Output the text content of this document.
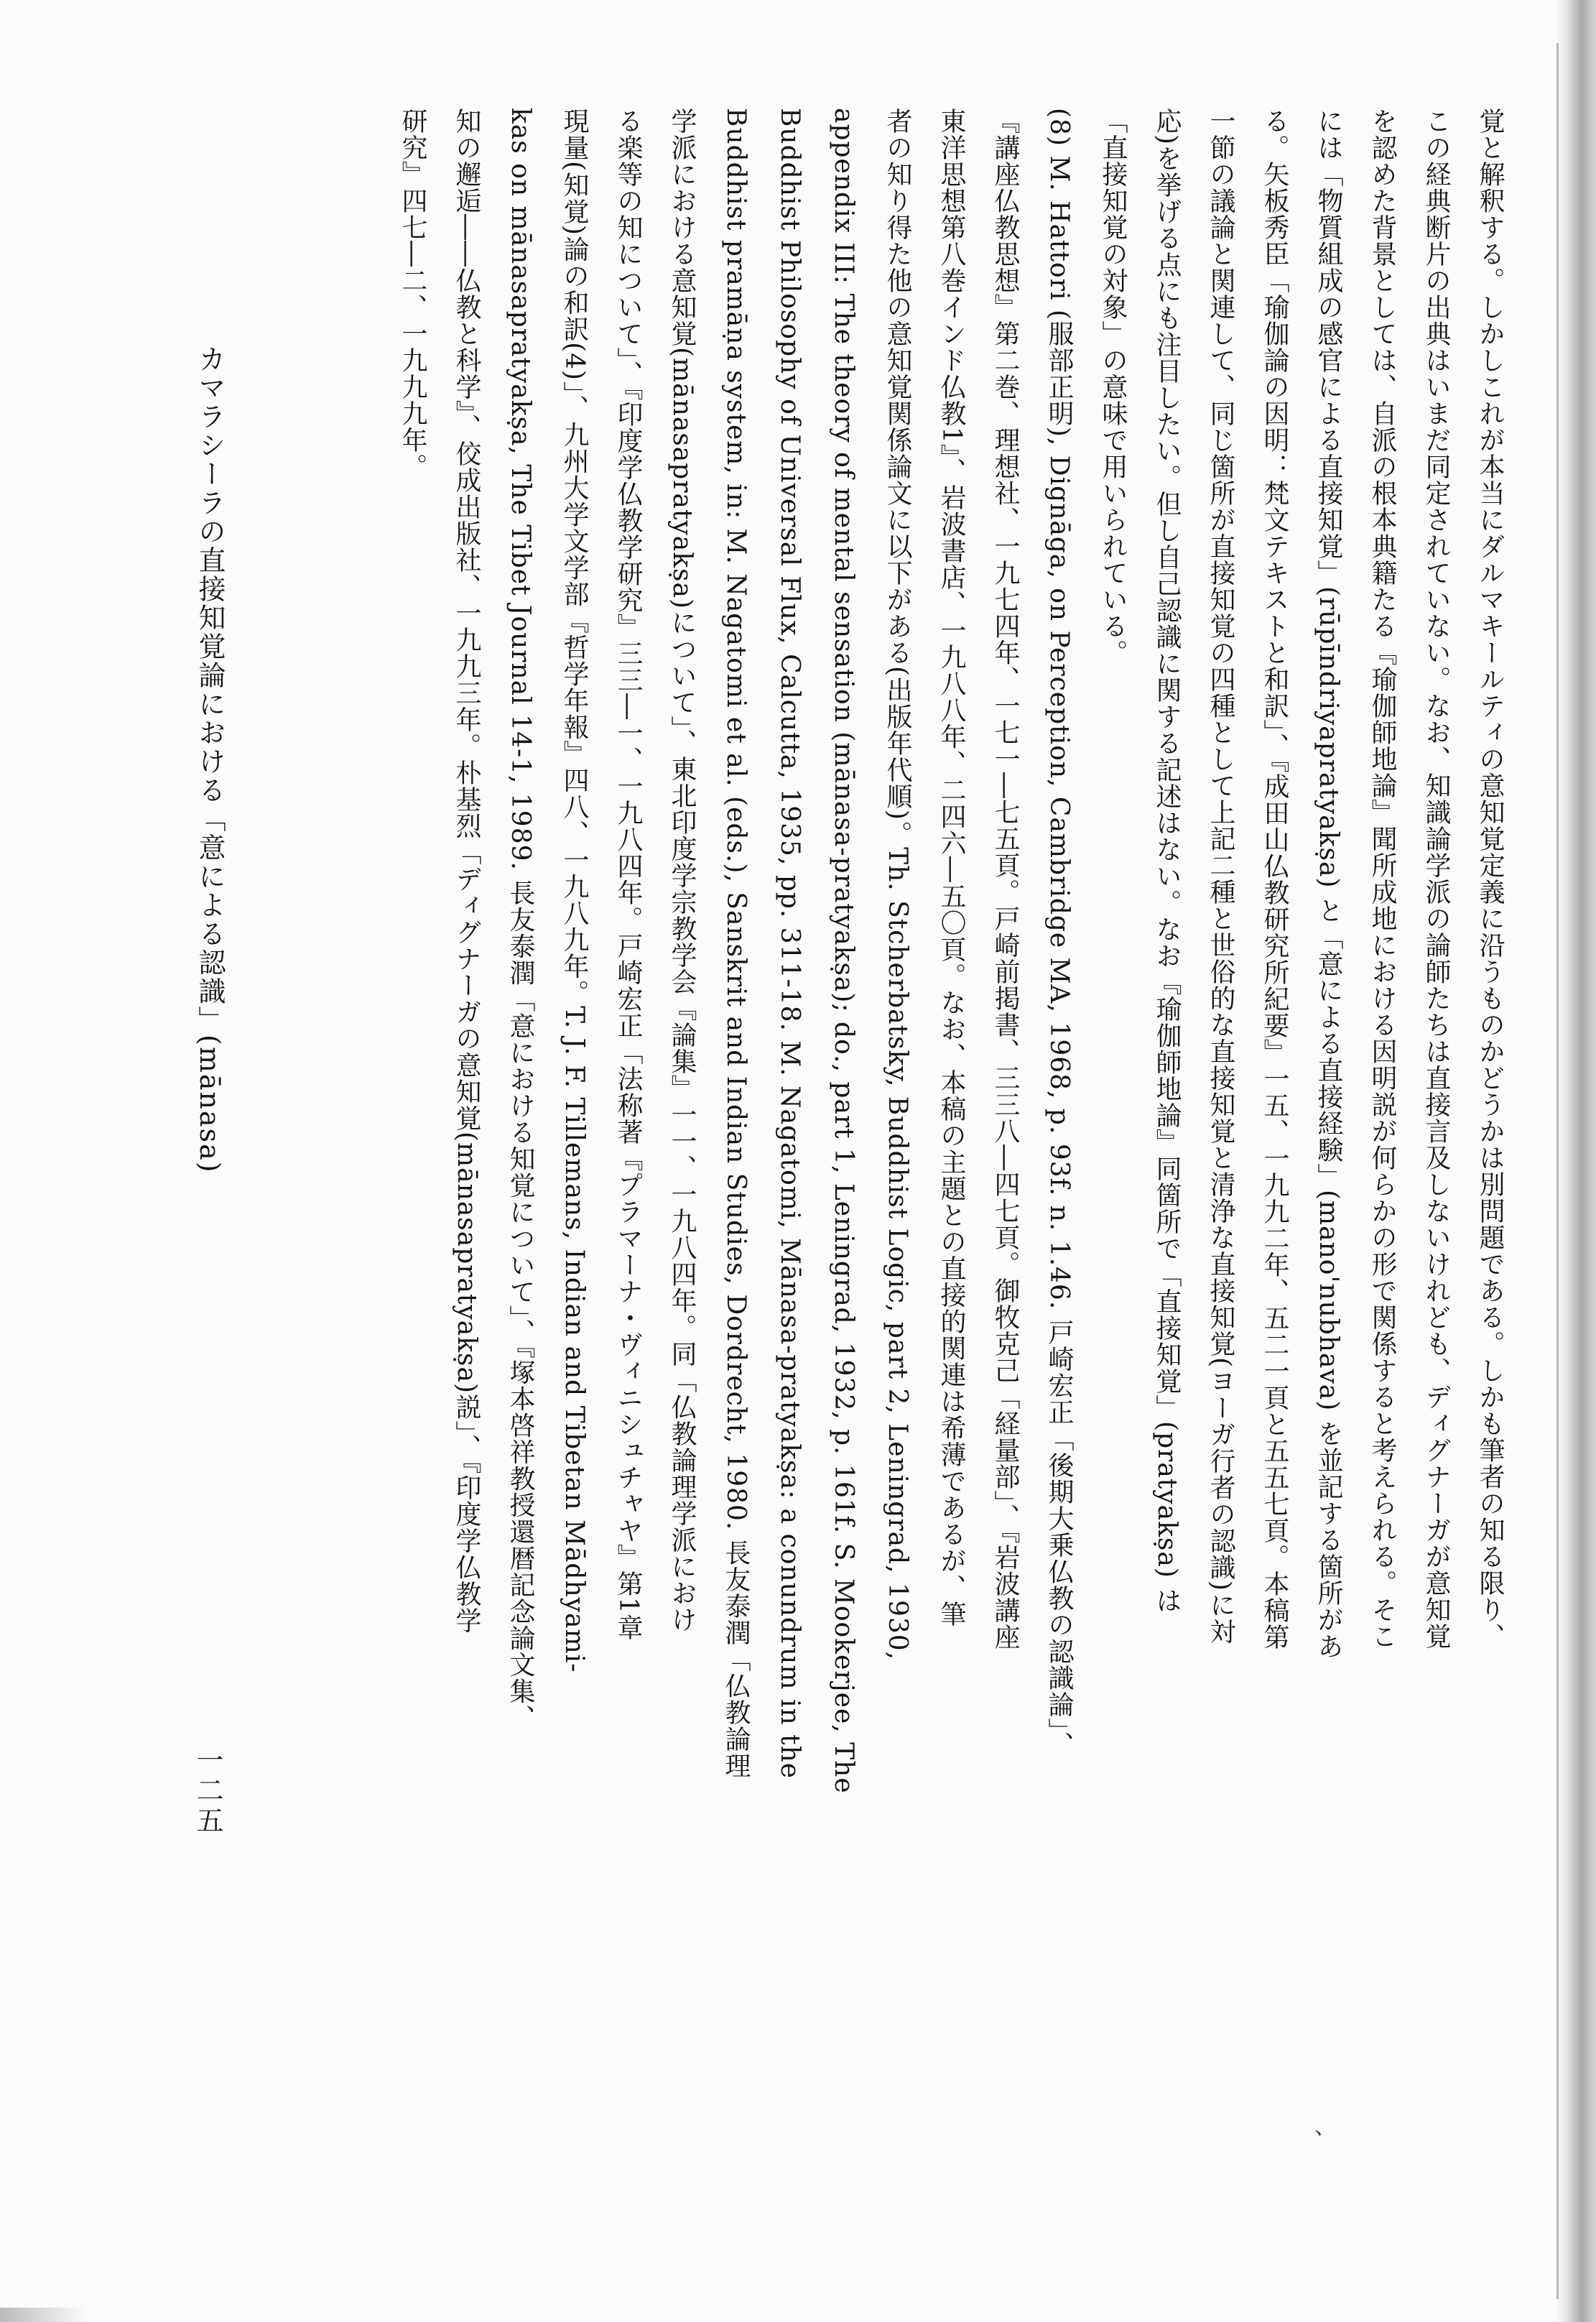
覚と解釈する。しかしこれが本当にダルマキールティの意知覚定義に沿うものかどうかは別問題である。しかも筆者の知る限り、
この経典断片の出典はいまだ同定されていない。なお、知識論学派の論師たちは直接言及しないけれども、ディグナーガが意知覚
を認めた背景としては、自派の根本典籍たる『瑜伽師地論』聞所成地における因明説が何らかの形で関係すると考えられる。そこ
には「物質組成の感官による直接知覚」(rūpīndriyapratyakṣa) と「意による直接経験」(mano'nubhava) を並記する箇所があ
る。矢板秀臣「瑜伽論の因明：梵文テキストと和訳」、『成田山仏教研究所紀要』一五、一九九二年、五二一頁と五五七頁。本稿第
一節の議論と関連して、同じ箇所が直接知覚の四種として上記二種と世俗的な直接知覚と清浄な直接知覚(ヨーガ行者の認識)に対
応)を挙げる点にも注目したい。但し自己認識に関する記述はない。なお『瑜伽師地論』同箇所で「直接知覚」(pratyakṣa) は
「直接知覚の対象」の意味で用いられている。
(8) M. Hattori (服部正明), Dignāga, on Perception, Cambridge MA, 1968, p. 93f. n. 1.46. 戸崎宏正「後期大乗仏教の認識論」、
『講座仏教思想』第二巻、理想社、一九七四年、一七一―七五頁。戸崎前掲書、三三八―四七頁。御牧克己「経量部」、『岩波講座
東洋思想第八巻インド仏教1』、岩波書店、一九八八年、二四六―五〇頁。なお、本稿の主題との直接的関連は希薄であるが、筆
者の知り得た他の意知覚関係論文に以下がある(出版年代順)。Th. Stcherbatsky, Buddhist Logic, part 2, Leningrad, 1930,
appendix III: The theory of mental sensation (mānasa-pratyakṣa); do., part 1, Leningrad, 1932, p. 161f. S. Mookerjee, The
Buddhist Philosophy of Universal Flux, Calcutta, 1935, pp. 311-18. M. Nagatomi, Mānasa-pratyakṣa: a conundrum in the
Buddhist pramāṇa system, in: M. Nagatomi et al. (eds.), Sanskrit and Indian Studies, Dordrecht, 1980. 長友泰潤「仏教論理
学派における意知覚(mānasapratyakṣa)について」、東北印度学宗教学会『論集』一一、一九八四年。同「仏教論理学派におけ
る楽等の知について」、『印度学仏教学研究』三三―一、一九八四年。戸崎宏正「法称著『プラマーナ・ヴィニシュチャヤ』第1章
現量(知覚)論の和訳(4)」、九州大学文学部『哲学年報』四八、一九八九年。T. J. F. Tillemans, Indian and Tibetan Mādhyami-
kas on mānasapratyakṣa, The Tibet Journal 14-1, 1989. 長友泰潤「意における知覚について」、『塚本啓祥教授還暦記念論文集、
知の邂逅――仏教と科学』、佼成出版社、一九九三年。朴基烈「ディグナーガの意知覚(mānasapratyakṣa)説」、『印度学仏教学
研究』四七―二、一九九九年。
カマラシーラの直接知覚論における「意による認識」(mānasa)
一二五
、
